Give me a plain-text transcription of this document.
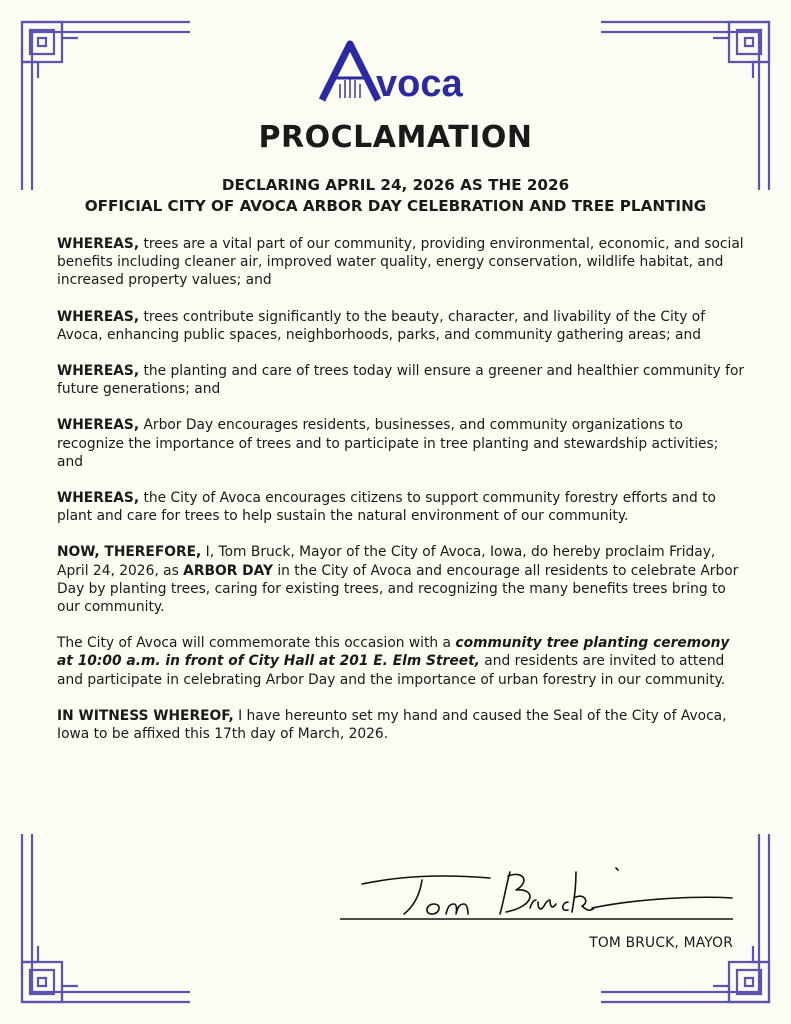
voca
PROCLAMATION
DECLARING APRIL 24, 2026 AS THE 2026
OFFICIAL CITY OF AVOCA ARBOR DAY CELEBRATION AND TREE PLANTING

WHEREAS, trees are a vital part of our community, providing environmental, economic, and social benefits including cleaner air, improved water quality, energy conservation, wildlife habitat, and increased property values; and

WHEREAS, trees contribute significantly to the beauty, character, and livability of the City of Avoca, enhancing public spaces, neighborhoods, parks, and community gathering areas; and

WHEREAS, the planting and care of trees today will ensure a greener and healthier community for future generations; and

WHEREAS, Arbor Day encourages residents, businesses, and community organizations to recognize the importance of trees and to participate in tree planting and stewardship activities; and

WHEREAS, the City of Avoca encourages citizens to support community forestry efforts and to plant and care for trees to help sustain the natural environment of our community.

NOW, THEREFORE, I, Tom Bruck, Mayor of the City of Avoca, Iowa, do hereby proclaim Friday, April 24, 2026, as ARBOR DAY in the City of Avoca and encourage all residents to celebrate Arbor Day by planting trees, caring for existing trees, and recognizing the many benefits trees bring to our community.

The City of Avoca will commemorate this occasion with a community tree planting ceremony at 10:00 a.m. in front of City Hall at 201 E. Elm Street, and residents are invited to attend and participate in celebrating Arbor Day and the importance of urban forestry in our community.

IN WITNESS WHEREOF, I have hereunto set my hand and caused the Seal of the City of Avoca, Iowa to be affixed this 17th day of March, 2026.

TOM BRUCK, MAYOR
